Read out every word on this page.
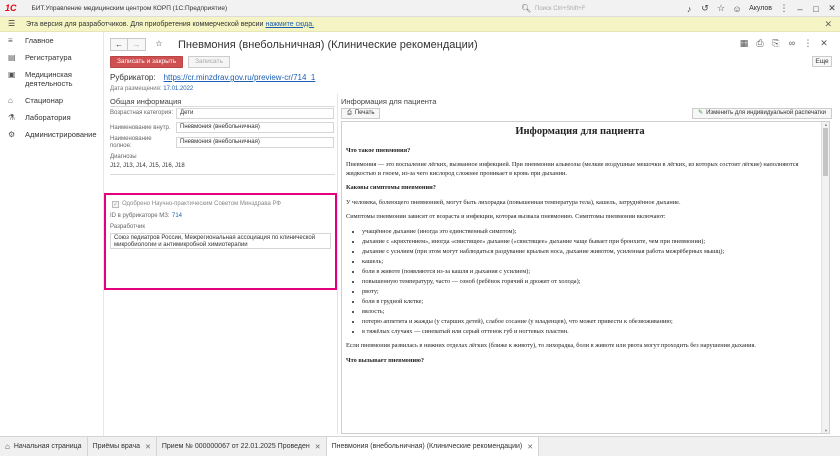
1С БИТ.Управление медицинским центром КОРП (1С:Предприятие)	🔍︎ Поиск Ctrl+Shift+F	♪	↺ ☆ ☺	Акулов ⋮ –	□	✕
☰	Эта версия для разработчиков. Для приобретения коммерческой версии нажмите сюда.	✕
≡	Главное
▤	Регистратура
▣	Медицинская деятельность
⌂	Стационар
⚗	Лаборатория
⚙	Администрирование
←	→	☆	Пневмония (внебольничная) (Клинические рекомендации)	▦ ⎙ ⎘	∞ ⋮ ✕
Записать и закрыть	Записать	Еще
Рубрикатор: https://cr.minzdrav.gov.ru/preview-cr/714_1
Дата размещения: 17.01.2022
Общая информация
Возрастная категория:	Дети
Наименование внутр.	Пневмония (внебольничная)
Наименование полное:
Пневмония (внебольничная)
Диагнозы
J12, J13, J14, J15, J16, J18
✓ Одобрено Научно-практическим Советом Минздрава РФ
ID в рубрикаторе МЗ: 714
Разработчик
Союз педиатров России, Межрегиональная ассоциация по клинической микробиологии и антимикробной химиотерапии
Информация для пациента
⎙ Печать	✎ Изменить для индивидуальной распечатки
Информация для пациента
Что такое пневмония?

Пневмония — это воспаление лёгких, вызванное инфекцией. При пневмонии альвеолы (мелкие воздушные мешочки в лёгких, из которых состоит лёгкие) наполняются жидкостью и гноем, из-за чего кислород сложнее проникает в кровь при дыхании.

Каковы симптомы пневмонии?

У человека, болеющего пневмонией, могут быть лихорадка (повышенная температура тела), кашель, затруднённое дыхание.

Симптомы пневмонии зависят от возраста и инфекции, которая вызвала пневмонию. Симптомы пневмонии включают:

• учащённое дыхание (иногда это единственный симптом);
• дыхание с «кряхтением», иногда «свистящее» дыхание («свистящее» дыхание чаще бывает при бронхите, чем при пневмонии);
• дыхание с усилием (при этом могут наблюдаться раздувание крыльев носа, дыхание животом, усиленная работа межрёберных мышц);
• кашель;
• боли в животе (появляются из-за кашля и дыхания с усилием);
• повышенную температуру, часто — озноб (ребёнок горячий и дрожит от холода);
• рвоту;
• боли в грудной клетке;
• вялость;
• потерю аппетита и жажды (у старших детей), слабое сосание (у младенцев), что может привести к обезвоживанию;
• в тяжёлых случаях — синеватый или серый оттенок губ и ногтевых пластин.

Если пневмония развилась в нижних отделах лёгких (ближе к животу), то лихорадка, боли в животе или рвота могут проходить без нарушения дыхания.

Что вызывает пневмонию?
▲
▼
⌂ Начальная страница Приёмы врача ✕ Прием № 000000067 от 22.01.2025 Проведен ✕ Пневмония (внебольничная) (Клинические рекомендации) ✕
